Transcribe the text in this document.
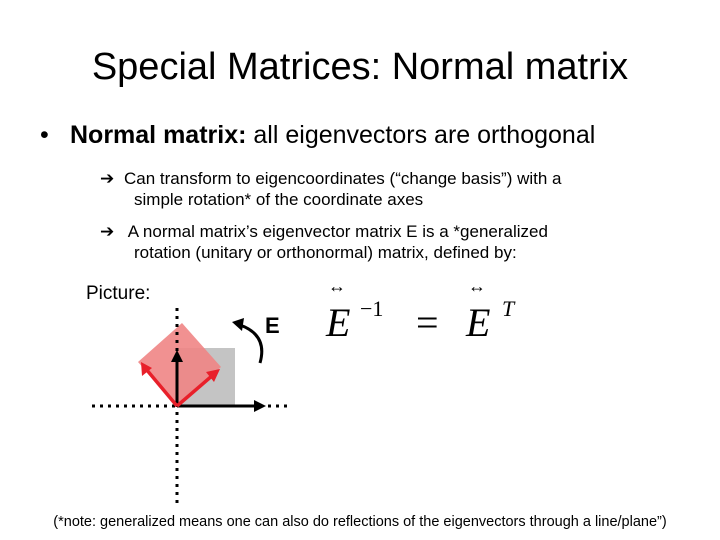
Special Matrices: Normal matrix
• Normal matrix: all eigenvectors are orthogonal
➔ Can transform to eigencoordinates (“change basis”) with a
simple rotation* of the coordinate axes
➔ A normal matrix’s eigenvector matrix E is a *generalized
rotation (unitary or orthonormal) matrix, defined by:
Picture:
E
↔
E −1 =
↔
E T
(*note: generalized means one can also do reflections of the eigenvectors through a line/plane”)
